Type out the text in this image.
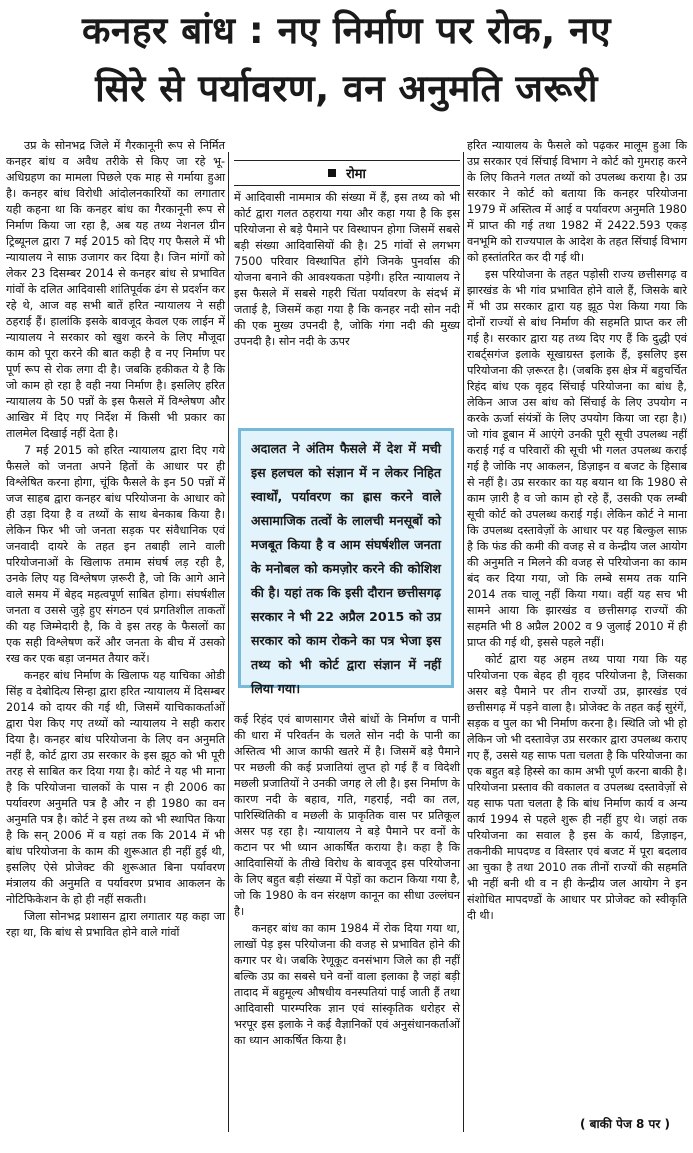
कनहर बांध : नए निर्माण पर रोक, नए
सिरे से पर्यावरण, वन अनुमति जरूरी

उप्र के सोनभद्र जिले में गैरकानूनी रूप से निर्मित कनहर बांध व अवैध तरीके से किए जा रहे भू-अधिग्रहण का मामला पिछले एक माह से गर्माया हुआ है। कनहर बांध विरोधी आंदोलनकारियों का लगातार यही कहना था कि कनहर बांध का गैरकानूनी रूप से निर्माण किया जा रहा है, अब यह तथ्य नेशनल ग्रीन ट्रिब्यूनल द्वारा 7 मई 2015 को दिए गए फैसले में भी न्यायालय ने साफ़ उजागर कर दिया है। जिन मांगों को लेकर 23 दिसम्बर 2014 से कनहर बांध से प्रभावित गांवों के दलित आदिवासी शांतिपूर्वक ढंग से प्रदर्शन कर रहे थे, आज वह सभी बातें हरित न्यायालय ने सही ठहराई हैं। हालांकि इसके बावजूद केवल एक लाईन में न्यायालय ने सरकार को खुश करने के लिए मौजूदा काम को पूरा करने की बात कही है व नए निर्माण पर पूर्ण रूप से रोक लगा दी है। जबकि हकीकत ये है कि जो काम हो रहा है वही नया निर्माण है। इसलिए हरित न्यायालय के 50 पन्नों के इस फैसले में विश्लेषण और आखिर में दिए गए निर्देश में किसी भी प्रकार का तालमेल दिखाई नहीं देता है।

7 मई 2015 को हरित न्यायालय द्वारा दिए गये फैसले को जनता अपने हितों के आधार पर ही विश्लेषित करना होगा, चूंकि फैसले के इन 50 पन्नों में जज साहब द्वारा कनहर बांध परियोजना के आधार को ही उड़ा दिया है व तथ्यों के साथ बेनकाब किया है। लेकिन फिर भी जो जनता सड़क पर संवैधानिक एवं जनवादी दायरे के तहत इन तबाही लाने वाली परियोजनाओं के खिलाफ तमाम संघर्ष लड़ रही है, उनके लिए यह विश्लेषण ज़रूरी है, जो कि आगे आने वाले समय में बेहद महत्वपूर्ण साबित होगा। संघर्षशील जनता व उससे जुड़े हुए संगठन एवं प्रगतिशील ताकतों की यह जिम्मेदारी है, कि वे इस तरह के फैसलों का एक सही विश्लेषण करें और जनता के बीच में उसको रख कर एक बड़ा जनमत तैयार करें।

कनहर बांध निर्माण के खिलाफ यह याचिका ओडी सिंह व देबोदित्य सिन्हा द्वारा हरित न्यायालय में दिसम्बर 2014 को दायर की गई थी, जिसमें याचिकाकर्ताओं द्वारा पेश किए गए तथ्यों को न्यायालय ने सही करार दिया है। कनहर बांध परियोजना के लिए वन अनुमति नहीं है, कोर्ट द्वारा उप्र सरकार के इस झूठ को भी पूरी तरह से साबित कर दिया गया है। कोर्ट ने यह भी माना है कि परियोजना चालकों के पास न ही 2006 का पर्यावरण अनुमति पत्र है और न ही 1980 का वन अनुमति पत्र है। कोर्ट ने इस तथ्य को भी स्थापित किया है कि सन् 2006 में व यहां तक कि 2014 में भी बांध परियोजना के काम की शुरूआत ही नहीं हुई थी, इसलिए ऐसे प्रोजेक्ट की शुरूआत बिना पर्यावरण मंत्रालय की अनुमति व पर्यावरण प्रभाव आकलन के नोटिफिकेशन के हो ही नहीं सकती।

जिला सोनभद्र प्रशासन द्वारा लगातार यह कहा जा रहा था, कि बांध से प्रभावित होने वाले गांवों

रोमा

में आदिवासी नाममात्र की संख्या में हैं, इस तथ्य को भी कोर्ट द्वारा गलत ठहराया गया और कहा गया है कि इस परियोजना से बड़े पैमाने पर विस्थापन होगा जिसमें सबसे बड़ी संख्या आदिवासियों की है। 25 गांवों से लगभग 7500 परिवार विस्थापित होंगे जिनके पुनर्वास की योजना बनाने की आवश्यकता पड़ेगी। हरित न्यायालय ने इस फैसले में सबसे गहरी चिंता पर्यावरण के संदर्भ में जताई है, जिसमें कहा गया है कि कनहर नदी सोन नदी की एक मुख्य उपनदी है, जोकि गंगा नदी की मुख्य उपनदी है। सोन नदी के ऊपर

अदालत ने अंतिम फैसले में देश में मची इस हलचल को संज्ञान में न लेकर निहित स्वार्थों, पर्यावरण का ह्रास करने वाले असामाजिक तत्वों के लालची मनसूबों को मजबूत किया है व आम संघर्षशील जनता के मनोबल को कमज़ोर करने की कोशिश की है। यहां तक कि इसी दौरान छत्तीसगढ़ सरकार ने भी 22 अप्रैल 2015 को उप्र सरकार को काम रोकने का पत्र भेजा इस तथ्य को भी कोर्ट द्वारा संज्ञान में नहीं लिया गया।

कई रिहंद एवं बाणसागर जैसे बांधों के निर्माण व पानी की धारा में परिवर्तन के चलते सोन नदी के पानी का अस्तित्व भी आज काफी खतरे में है। जिसमें बड़े पैमाने पर मछली की कई प्रजातियां लुप्त हो गई हैं व विदेशी मछली प्रजातियों ने उनकी जगह ले ली है। इस निर्माण के कारण नदी के बहाव, गति, गहराई, नदी का तल, पारिस्थितिकी व मछली के प्राकृतिक वास पर प्रतिकूल असर पड़ रहा है। न्यायालय ने बड़े पैमाने पर वनों के कटान पर भी ध्यान आकर्षित कराया है। कहा है कि आदिवासियों के तीखे विरोध के बावजूद इस परियोजना के लिए बहुत बड़ी संख्या में पेड़ों का कटान किया गया है, जो कि 1980 के वन संरक्षण कानून का सीधा उल्लंघन है।

कनहर बांध का काम 1984 में रोक दिया गया था, लाखों पेड़ इस परियोजना की वजह से प्रभावित होने की कगार पर थे। जबकि रेणूकूट वनसंभाग जिले का ही नहीं बल्कि उप्र का सबसे घने वनों वाला इलाका है जहां बड़ी तादाद में बहुमूल्य औषधीय वनस्पतियां पाई जाती हैं तथा आदिवासी पारम्परिक ज्ञान एवं सांस्कृतिक धरोहर से भरपूर इस इलाके ने कई वैज्ञानिकों एवं अनुसंधानकर्ताओं का ध्यान आकर्षित किया है।

हरित न्यायालय के फैसले को पढ़कर मालूम हुआ कि उप्र सरकार एवं सिंचाई विभाग ने कोर्ट को गुमराह करने के लिए कितने गलत तथ्यों को उपलब्ध कराया है। उप्र सरकार ने कोर्ट को बताया कि कनहर परियोजना 1979 में अस्तित्व में आई व पर्यावरण अनुमति 1980 में प्राप्त की गई तथा 1982 में 2422.593 एकड़ वनभूमि को राज्यपाल के आदेश के तहत सिंचाई विभाग को हस्तांतरित कर दी गई थी।

इस परियोजना के तहत पड़ोसी राज्य छत्तीसगढ़ व झारखंड के भी गांव प्रभावित होने वाले हैं, जिसके बारे में भी उप्र सरकार द्वारा यह झूठ पेश किया गया कि दोनों राज्यों से बांध निर्माण की सहमति प्राप्त कर ली गई है। सरकार द्वारा यह तथ्य दिए गए हैं कि दुद्धी एवं राबर्ट्सगंज इलाके सूखाग्रस्त इलाके हैं, इसलिए इस परियोजना की ज़रूरत है। (जबकि इस क्षेत्र में बहुचर्चित रिहंद बांध एक वृहद सिंचाई परियोजना का बांध है, लेकिन आज उस बांध को सिंचाई के लिए उपयोग न करके ऊर्जा संयंत्रों के लिए उपयोग किया जा रहा है।) जो गांव डूबान में आएंगे उनकी पूरी सूची उपलब्ध नहीं कराई गई व परिवारों की सूची भी गलत उपलब्ध कराई गई है जोकि नए आकलन, डिज़ाइन व बजट के हिसाब से नहीं है। उप्र सरकार का यह बयान था कि 1980 से काम ज़ारी है व जो काम हो रहे हैं, उसकी एक लम्बी सूची कोर्ट को उपलब्ध कराई गई। लेकिन कोर्ट ने माना कि उपलब्ध दस्तावेज़ों के आधार पर यह बिल्कुल साफ़ है कि फंड की कमी की वजह से व केन्द्रीय जल आयोग की अनुमति न मिलने की वजह से परियोजना का काम बंद कर दिया गया, जो कि लम्बे समय तक यानि 2014 तक चालू नहीं किया गया। वहीं यह सच भी सामने आया कि झारखंड व छत्तीसगढ़ राज्यों की सहमति भी 8 अप्रैल 2002 व 9 जुलाई 2010 में ही प्राप्त की गई थी, इससे पहले नहीं।

कोर्ट द्वारा यह अहम तथ्य पाया गया कि यह परियोजना एक बेहद ही वृहद परियोजना है, जिसका असर बड़े पैमाने पर तीन राज्यों उप्र, झारखंड एवं छत्तीसगढ़ में पड़ने वाला है। प्रोजेक्ट के तहत कई सुरंगें, सड़क व पुल का भी निर्माण करना है। स्थिति जो भी हो लेकिन जो भी दस्तावेज़ उप्र सरकार द्वारा उपलब्ध कराए गए हैं, उससे यह साफ पता चलता है कि परियोजना का एक बहुत बड़े हिस्से का काम अभी पूर्ण करना बाकी है। परियोजना प्रस्ताव की वकालत व उपलब्ध दस्तावेज़ों से यह साफ पता चलता है कि बांध निर्माण कार्य व अन्य कार्य 1994 से पहले शुरू ही नहीं हुए थे। जहां तक परियोजना का सवाल है इस के कार्य, डिज़ाइन, तकनीकी मापदण्ड व विस्तार एवं बजट में पूरा बदलाव आ चुका है तथा 2010 तक तीनों राज्यों की सहमति भी नहीं बनी थी व न ही केन्द्रीय जल आयोग ने इन संशोधित मापदण्डों के आधार पर प्रोजेक्ट को स्वीकृति दी थी।

( बाकी पेज 8 पर )
